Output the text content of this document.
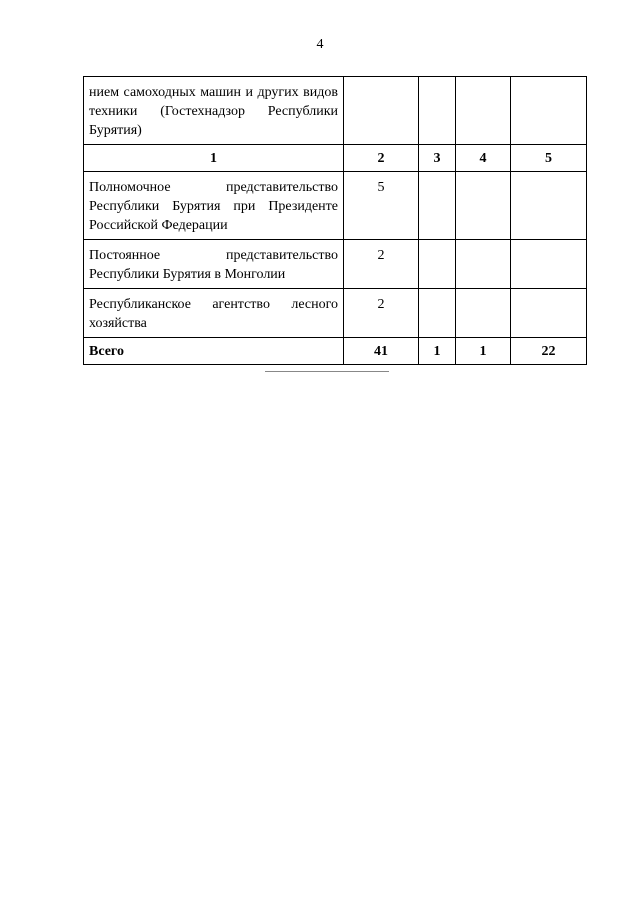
4
нием самоходных машин и других видов техники (Гостехнадзор Республики Бурятия)				
1	2	3	4	5
Полномочное представительство Республики Бурятия при Президенте Российской Федерации	5			
Постоянное представительство Республики Бурятия в Монголии	2			
Республиканское агентство лесного хозяйства	2			
Всего	41	1	1	22
